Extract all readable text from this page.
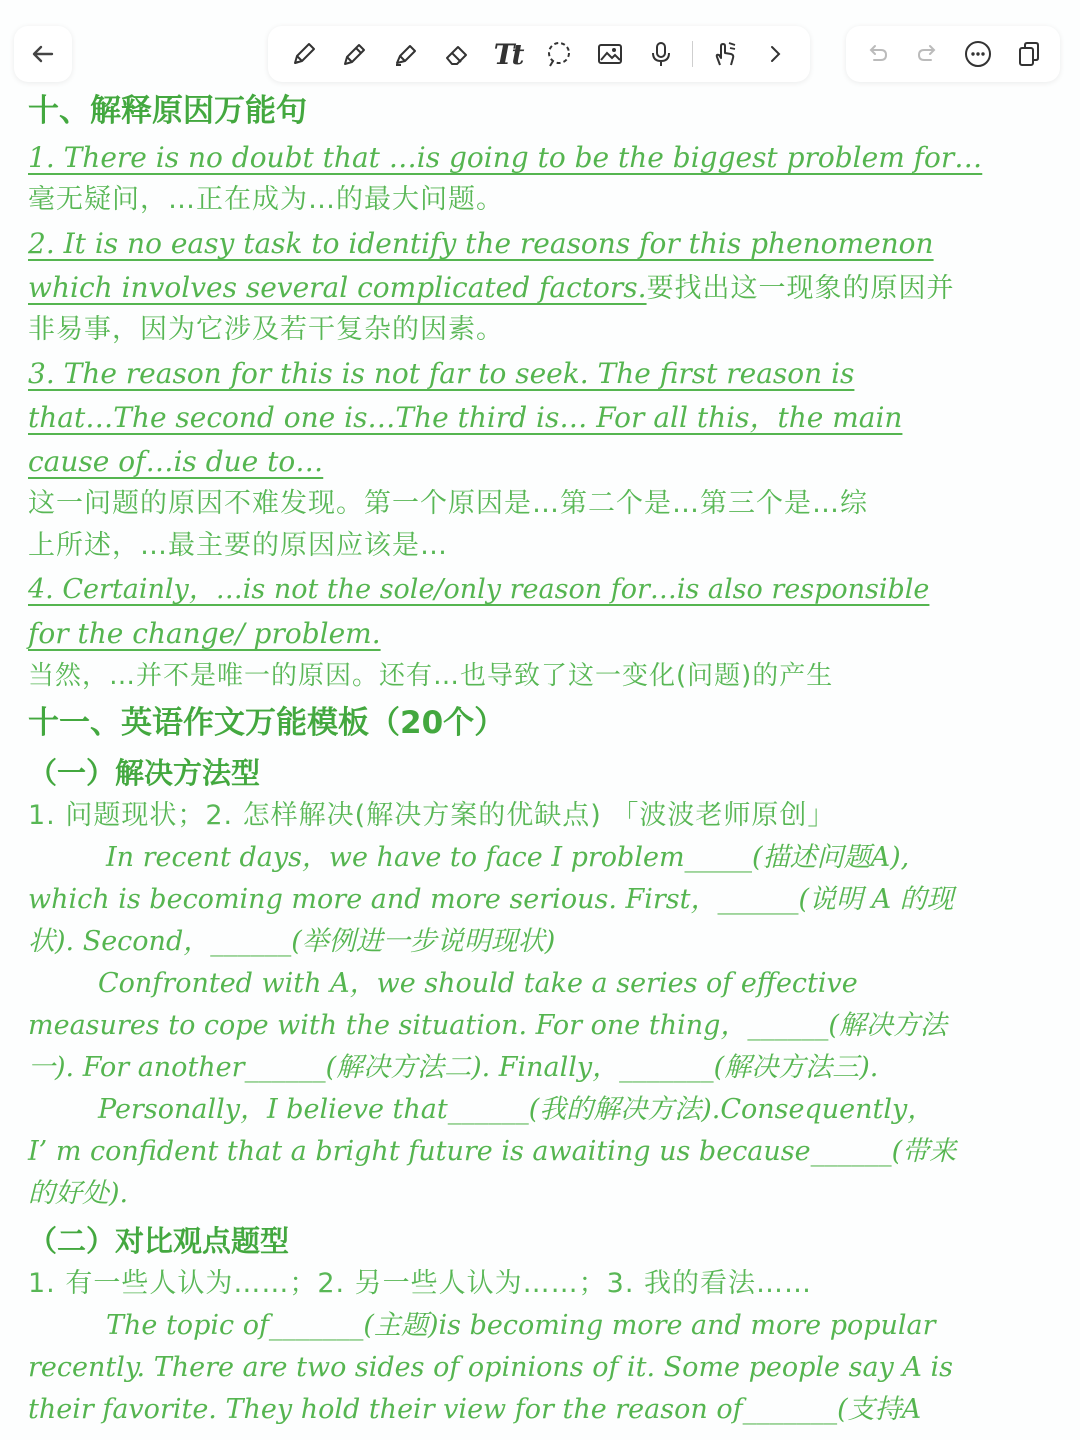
Tt
十、解释原因万能句
1. There is no doubt that …is going to be the biggest problem for…
毫无疑问，…正在成为…的最大问题。
2. It is no easy task to identify the reasons for this phenomenon
which involves several complicated factors.要找出这一现象的原因并
非易事，因为它涉及若干复杂的因素。
3. The reason for this is not far to seek. The first reason is
that…The second one is…The third is… For all this，the main
cause of…is due to…
这一问题的原因不难发现。第一个原因是…第二个是…第三个是…综
上所述，…最主要的原因应该是…
4. Certainly，…is not the sole/only reason for…is also responsible
for the change/ problem.
当然，…并不是唯一的原因。还有…也导致了这一变化(问题)的产生
十一、英语作文万能模板（20个）
（一）解决方法型
1. 问题现状；2. 怎样解决(解决方案的优缺点) 「波波老师原创」
In recent days，we have to face I problem_____(描述问题A),
which is becoming more and more serious. First，______(说明 A 的现
状). Second，______(举例进一步说明现状)
Confronted with A，we should take a series of effective
measures to cope with the situation. For one thing，______(解决方法
一). For another______(解决方法二). Finally，_______(解决方法三).
Personally，I believe that______(我的解决方法).Consequently，
I’ m confident that a bright future is awaiting us because______(带来
的好处).
（二）对比观点题型
1. 有一些人认为……；2. 另一些人认为……；3. 我的看法……
The topic of_______(主题)is becoming more and more popular
recently. There are two sides of opinions of it. Some people say A is
their favorite. They hold their view for the reason of_______(支持A
